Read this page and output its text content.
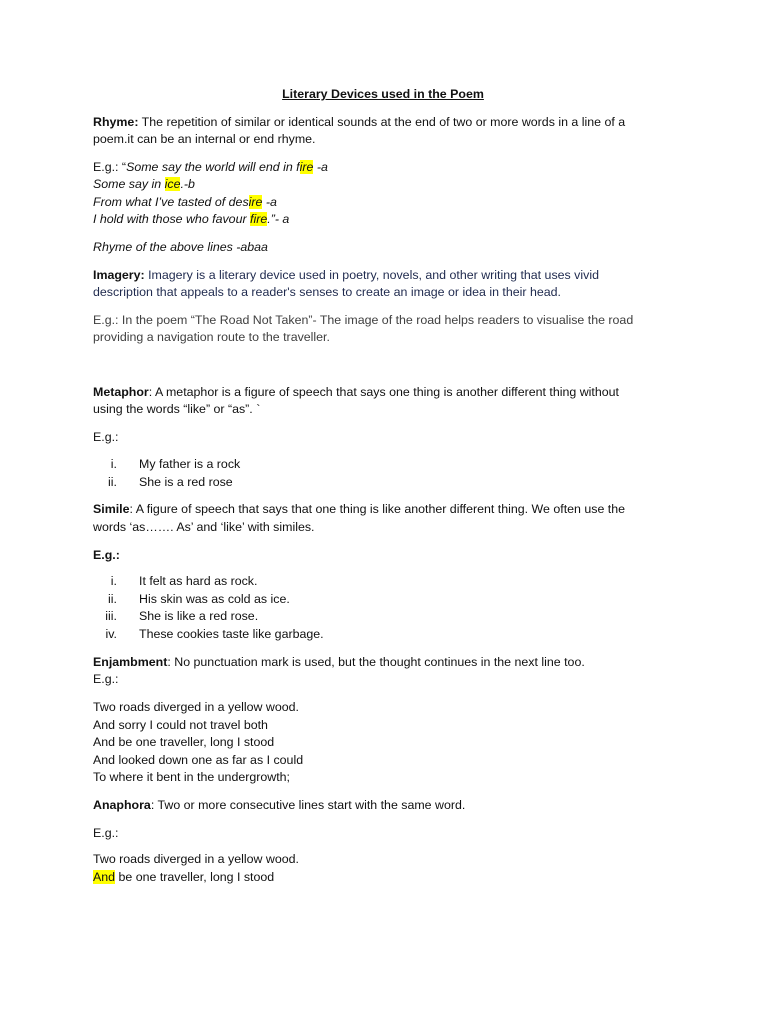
Literary Devices used in the Poem
Rhyme: The repetition of similar or identical sounds at the end of two or more words in a line of a
poem.it can be an internal or end rhyme.
E.g.: “Some say the world will end in fire -a
Some say in ice.-b
From what I’ve tasted of desire -a
I hold with those who favour fire.”- a
Rhyme of the above lines -abaa
Imagery: Imagery is a literary device used in poetry, novels, and other writing that uses vivid
description that appeals to a reader's senses to create an image or idea in their head.
E.g.: In the poem “The Road Not Taken”- The image of the road helps readers to visualise the road
providing a navigation route to the traveller.
Metaphor: A metaphor is a figure of speech that says one thing is another different thing without
using the words “like” or “as”. `
E.g.:
i. My father is a rock
ii. She is a red rose
Simile: A figure of speech that says that one thing is like another different thing. We often use the
words ‘as……. As’ and ‘like’ with similes.
E.g.:
i. It felt as hard as rock.
ii. His skin was as cold as ice.
iii. She is like a red rose.
iv. These cookies taste like garbage.
Enjambment: No punctuation mark is used, but the thought continues in the next line too.
E.g.:
Two roads diverged in a yellow wood.
And sorry I could not travel both
And be one traveller, long I stood
And looked down one as far as I could
To where it bent in the undergrowth;
Anaphora: Two or more consecutive lines start with the same word.
E.g.:
Two roads diverged in a yellow wood.
And be one traveller, long I stood
